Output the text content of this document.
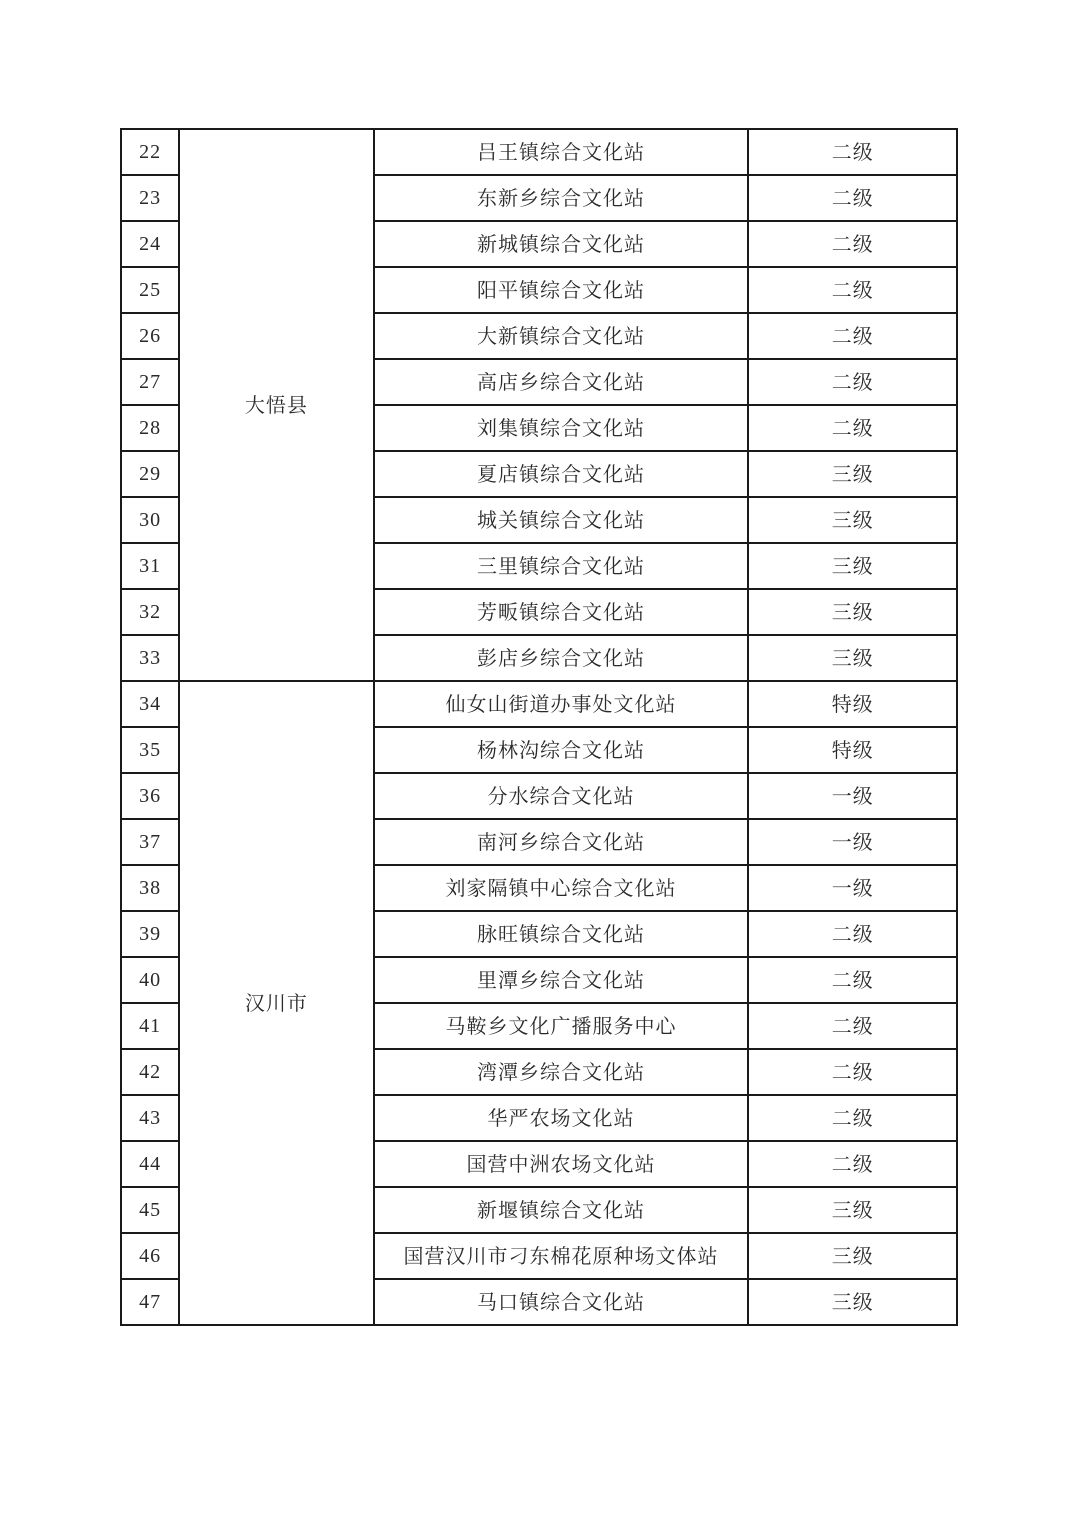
22	大悟县	吕王镇综合文化站	二级
23		东新乡综合文化站	二级
24		新城镇综合文化站	二级
25		阳平镇综合文化站	二级
26		大新镇综合文化站	二级
27		高店乡综合文化站	二级
28		刘集镇综合文化站	二级
29		夏店镇综合文化站	三级
30		城关镇综合文化站	三级
31		三里镇综合文化站	三级
32		芳畈镇综合文化站	三级
33		彭店乡综合文化站	三级
34	汉川市	仙女山街道办事处文化站	特级
35		杨林沟综合文化站	特级
36		分水综合文化站	一级
37		南河乡综合文化站	一级
38		刘家隔镇中心综合文化站	一级
39		脉旺镇综合文化站	二级
40		里潭乡综合文化站	二级
41		马鞍乡文化广播服务中心	二级
42		湾潭乡综合文化站	二级
43		华严农场文化站	二级
44		国营中洲农场文化站	二级
45		新堰镇综合文化站	三级
46		国营汉川市刁东棉花原种场文体站	三级
47		马口镇综合文化站	三级
